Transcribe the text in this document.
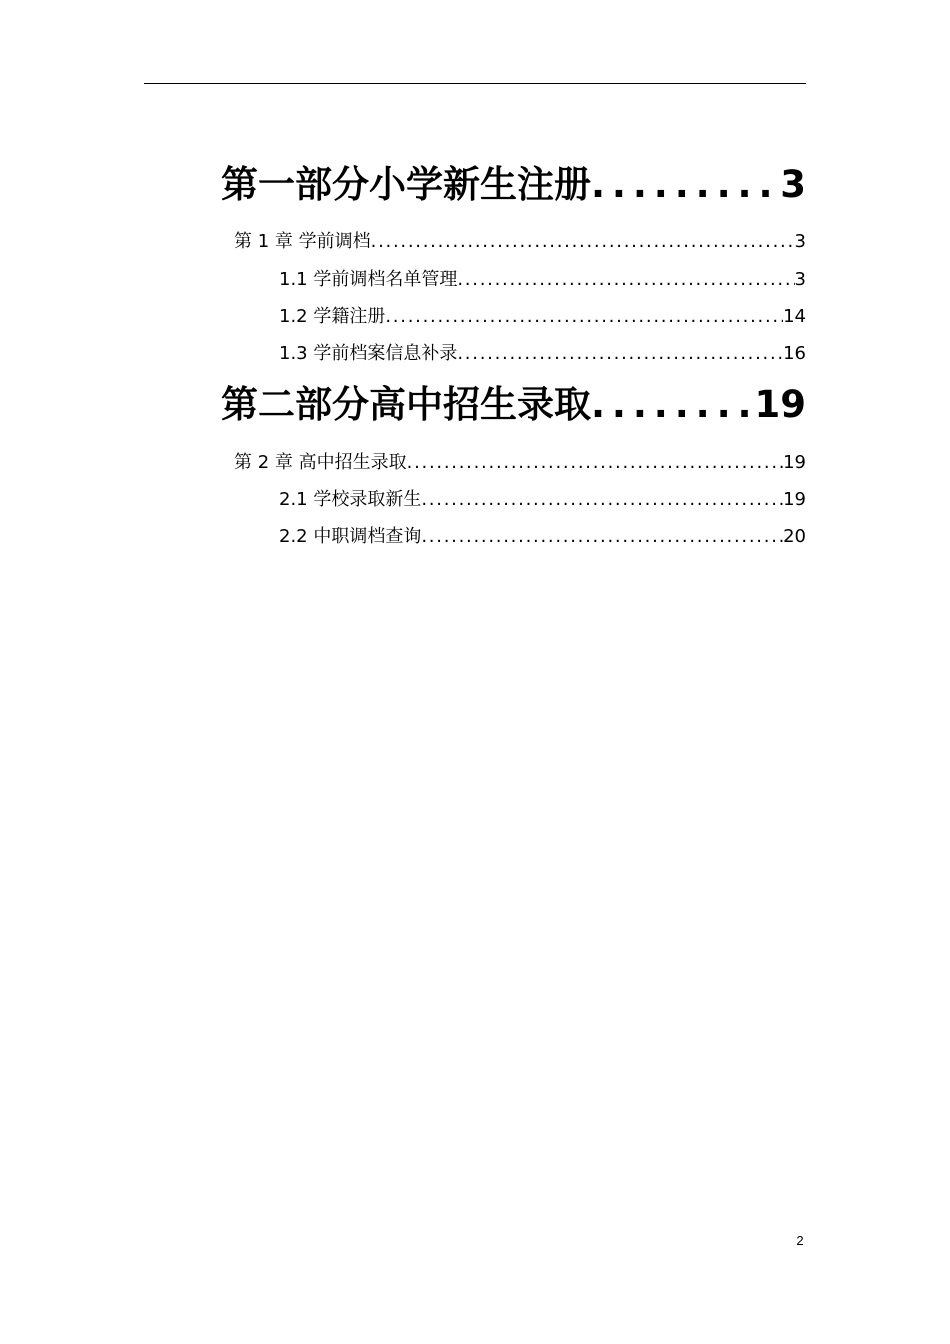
第一部分小学新生注册 . . .	3
第 1 章 学前调档 . . .	3
1.1 学前调档名单管理 . . .	3
1.2 学籍注册 . . .	14
1.3 学前档案信息补录 . . .	16
第二部分高中招生录取 . . .	19
第 2 章 高中招生录取 . . .	19
2.1 学校录取新生 . . .	19
2.2 中职调档查询 . . .	20
2
